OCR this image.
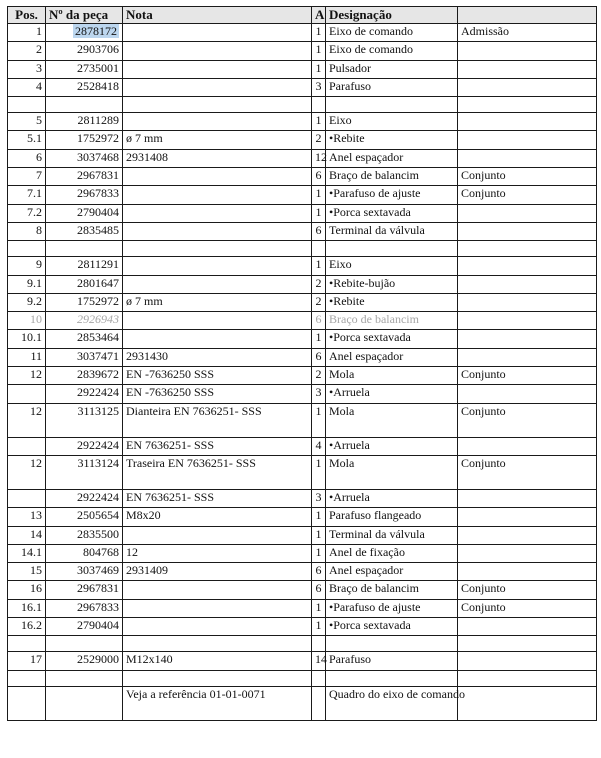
Pos.	Nº da peça	Nota	A	Designação	
1	2878172		1	Eixo de comando	Admissão
2	2903706		1	Eixo de comando	
3	2735001		1	Pulsador	
4	2528418		3	Parafuso	

5	2811289		1	Eixo	
5.1	1752972	ø 7 mm	2	•Rebite	
6	3037468	2931408	12	Anel espaçador	
7	2967831		6	Braço de balancim	Conjunto
7.1	2967833		1	•Parafuso de ajuste	Conjunto
7.2	2790404		1	•Porca sextavada	
8	2835485		6	Terminal da válvula	

9	2811291		1	Eixo	
9.1	2801647		2	•Rebite-bujão	
9.2	1752972	ø 7 mm	2	•Rebite	
10	2926943		6	Braço de balancim	
10.1	2853464		1	•Porca sextavada	
11	3037471	2931430	6	Anel espaçador	
12	2839672	EN -7636250 SSS	2	Mola	Conjunto
	2922424	EN -7636250 SSS	3	•Arruela	
12	3113125	Dianteira EN 7636251- SSS	1	Mola	Conjunto
	2922424	EN 7636251- SSS	4	•Arruela	
12	3113124	Traseira EN 7636251- SSS	1	Mola	Conjunto
	2922424	EN 7636251- SSS	3	•Arruela	
13	2505654	M8x20	1	Parafuso flangeado	
14	2835500		1	Terminal da válvula	
14.1	804768	12	1	Anel de fixação	
15	3037469	2931409	6	Anel espaçador	
16	2967831		6	Braço de balancim	Conjunto
16.1	2967833		1	•Parafuso de ajuste	Conjunto
16.2	2790404		1	•Porca sextavada	

17	2529000	M12x140	14	Parafuso	

		Veja a referência 01-01-0071		Quadro do eixo de comando	
